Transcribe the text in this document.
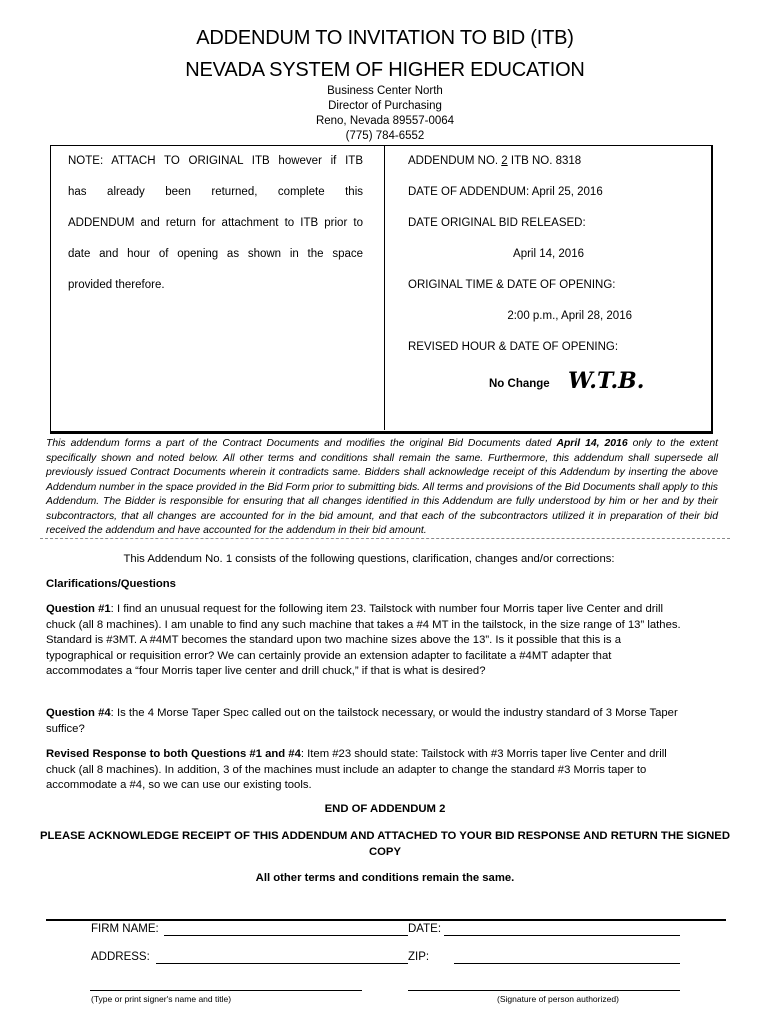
ADDENDUM TO INVITATION TO BID (ITB)
NEVADA SYSTEM OF HIGHER EDUCATION
Business Center North
Director of Purchasing
Reno, Nevada 89557-0064
(775) 784-6552
NOTE: ATTACH TO ORIGINAL ITB however if ITB
has already been returned, complete this
ADDENDUM and return for attachment to ITB prior to
date and hour of opening as shown in the space
provided therefore.
ADDENDUM NO. 2 ITB NO. 8318
DATE OF ADDENDUM: April 25, 2016
DATE ORIGINAL BID RELEASED:
April 14, 2016
ORIGINAL TIME & DATE OF OPENING:
2:00 p.m., April 28, 2016
REVISED HOUR & DATE OF OPENING:
No Change W.T.B.
This addendum forms a part of the Contract Documents and modifies the original Bid Documents dated April 14, 2016 only to the extent specifically shown and noted below. All other terms and conditions shall remain the same. Furthermore, this addendum shall supersede all previously issued Contract Documents wherein it contradicts same. Bidders shall acknowledge receipt of this Addendum by inserting the above Addendum number in the space provided in the Bid Form prior to submitting bids. All terms and provisions of the Bid Documents shall apply to this Addendum. The Bidder is responsible for ensuring that all changes identified in this Addendum are fully understood by him or her and by their subcontractors, that all changes are accounted for in the bid amount, and that each of the subcontractors utilized it in preparation of their bid received the addendum and have accounted for the addendum in their bid amount.
This Addendum No. 1 consists of the following questions, clarification, changes and/or corrections:
Clarifications/Questions
Question #1: I find an unusual request for the following item 23. Tailstock with number four Morris taper live Center and drill chuck (all 8 machines). I am unable to find any such machine that takes a #4 MT in the tailstock, in the size range of 13” lathes. Standard is #3MT. A #4MT becomes the standard upon two machine sizes above the 13”. Is it possible that this is a typographical or requisition error? We can certainly provide an extension adapter to facilitate a #4MT adapter that accommodates a “four Morris taper live center and drill chuck,” if that is what is desired?
Question #4: Is the 4 Morse Taper Spec called out on the tailstock necessary, or would the industry standard of 3 Morse Taper suffice?
Revised Response to both Questions #1 and #4: Item #23 should state: Tailstock with #3 Morris taper live Center and drill chuck (all 8 machines). In addition, 3 of the machines must include an adapter to change the standard #3 Morris taper to accommodate a #4, so we can use our existing tools.
END OF ADDENDUM 2
PLEASE ACKNOWLEDGE RECEIPT OF THIS ADDENDUM AND ATTACHED TO YOUR BID RESPONSE AND RETURN THE SIGNED COPY
All other terms and conditions remain the same.
FIRM NAME:	DATE:
ADDRESS:	ZIP:
(Type or print signer's name and title)	(Signature of person authorized)
